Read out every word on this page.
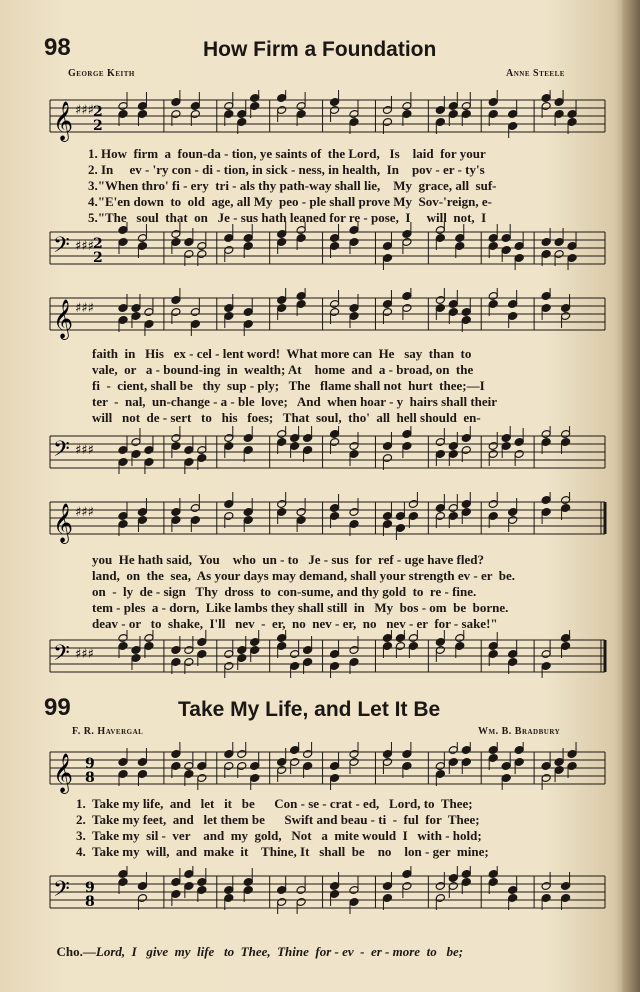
98	How Firm a Foundation
George Keith	Anne Steele
𝄞 ♯♯♯ 2
2
1. How  firm  a  foun-da - tion, ye saints of  the Lord,   Is    laid  for your
2. In     ev - 'ry con - di - tion, in sick - ness, in health,  In    pov - er - ty's
3."When thro' fi - ery  tri - als thy path-way shall lie,    My  grace, all  suf-
4."E'en down  to  old  age, all My  peo - ple shall prove My  Sov-'reign, e-
5."The   soul  that  on   Je - sus hath leaned for re - pose,  I     will  not,  I
𝄢 ♯♯♯ 2
2
𝄞 ♯♯♯
faith  in   His   ex - cel - lent word!  What more can  He   say  than  to
vale,  or   a - bound-ing  in  wealth; At    home  and  a - broad, on  the
fi  -  cient, shall be   thy  sup - ply;   The   flame shall not  hurt  thee;—I
ter  -  nal,  un-change - a - ble  love;   And  when hoar - y  hairs shall their
will   not  de - sert   to   his   foes;   That  soul,  tho'  all  hell should  en-
𝄢 ♯♯♯
𝄞 ♯♯♯
you  He hath said,  You    who  un - to   Je - sus  for  ref - uge have fled?
land,  on  the  sea,  As your days may demand, shall your strength ev - er  be.
on  -  ly  de - sign   Thy  dross  to  con-sume, and thy gold  to  re - fine.
tem - ples  a - dorn,  Like lambs they shall still  in   My  bos - om  be  borne.
deav - or   to  shake,  I'll   nev  -  er,  no  nev - er,  no   nev - er  for - sake!"
𝄢 ♯♯♯
99	Take My Life, and Let It Be
F. R. Havergal	Wm. B. Bradbury
𝄞 9
8
1.  Take my life,  and   let   it   be      Con - se - crat - ed,   Lord, to  Thee;
2.  Take my feet,  and   let them be      Swift and beau - ti  -  ful  for  Thee;
3.  Take my  sil -  ver    and  my  gold,   Not   a  mite would  I   with - hold;
4.  Take my  will,  and  make  it    Thine, It   shall  be    no    lon - ger  mine;
𝄢 9
8

Cho.—Lord,  I   give  my  life   to  Thee,  Thine  for - ev  -  er - more  to   be;
